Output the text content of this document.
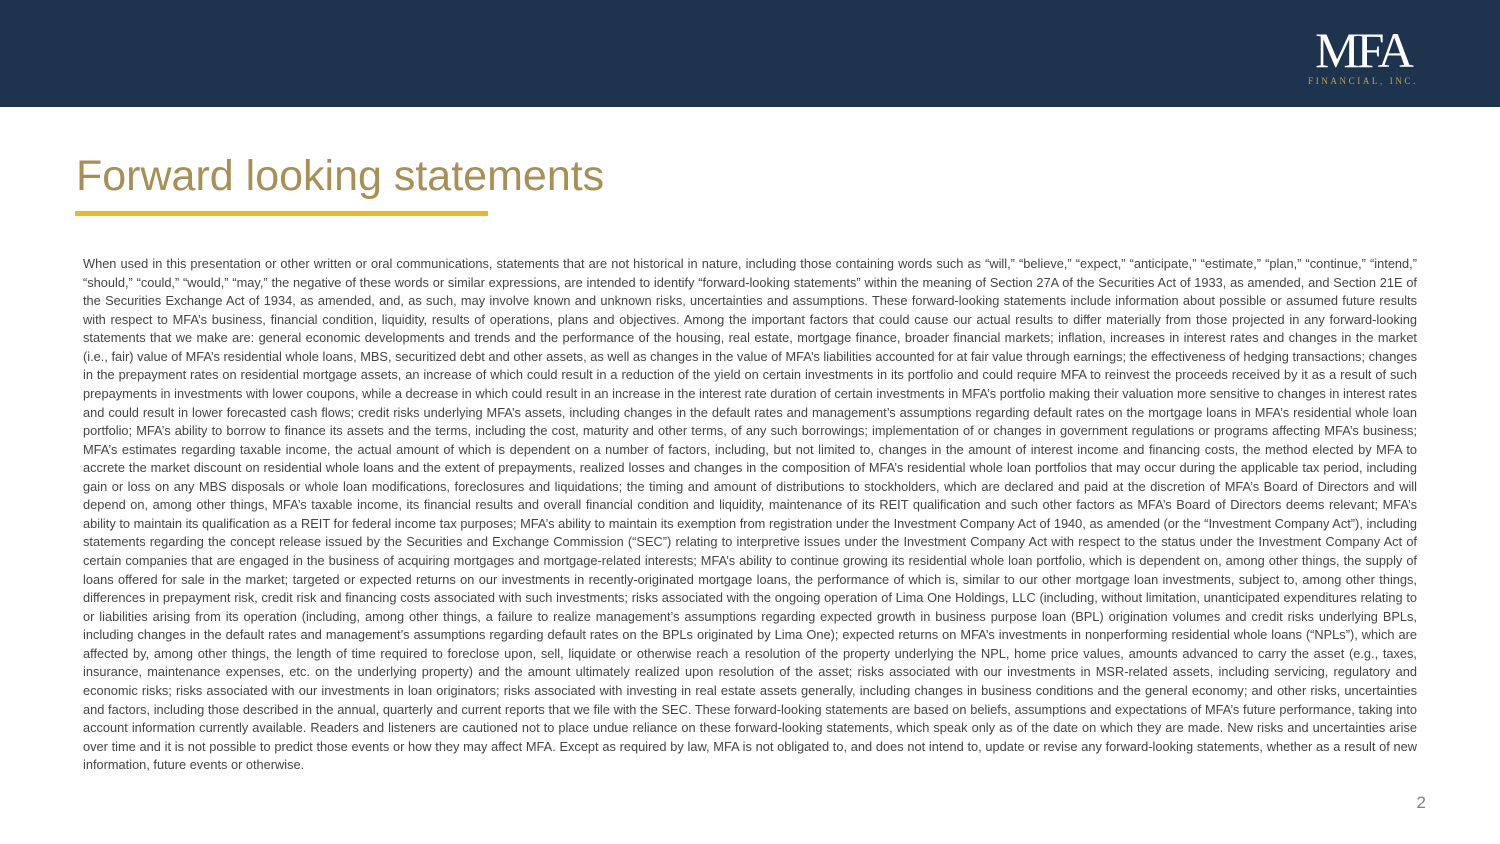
MFA
FINANCIAL, INC.
Forward looking statements

When used in this presentation or other written or oral communications, statements that are not historical in nature, including those containing words such as “will,” “believe,” “expect,” “anticipate,” “estimate,” “plan,” “continue,” “intend,” “should,” “could,” “would,” “may,” the negative of these words or similar expressions, are intended to identify “forward-looking statements” within the meaning of Section 27A of the Securities Act of 1933, as amended, and Section 21E of the Securities Exchange Act of 1934, as amended, and, as such, may involve known and unknown risks, uncertainties and assumptions. These forward-looking statements include information about possible or assumed future results with respect to MFA’s business, financial condition, liquidity, results of operations, plans and objectives. Among the important factors that could cause our actual results to differ materially from those projected in any forward-looking statements that we make are: general economic developments and trends and the performance of the housing, real estate, mortgage finance, broader financial markets; inflation, increases in interest rates and changes in the market (i.e., fair) value of MFA’s residential whole loans, MBS, securitized debt and other assets, as well as changes in the value of MFA’s liabilities accounted for at fair value through earnings; the effectiveness of hedging transactions; changes in the prepayment rates on residential mortgage assets, an increase of which could result in a reduction of the yield on certain investments in its portfolio and could require MFA to reinvest the proceeds received by it as a result of such prepayments in investments with lower coupons, while a decrease in which could result in an increase in the interest rate duration of certain investments in MFA’s portfolio making their valuation more sensitive to changes in interest rates and could result in lower forecasted cash flows; credit risks underlying MFA’s assets, including changes in the default rates and management’s assumptions regarding default rates on the mortgage loans in MFA’s residential whole loan portfolio; MFA’s ability to borrow to finance its assets and the terms, including the cost, maturity and other terms, of any such borrowings; implementation of or changes in government regulations or programs affecting MFA’s business; MFA’s estimates regarding taxable income, the actual amount of which is dependent on a number of factors, including, but not limited to, changes in the amount of interest income and financing costs, the method elected by MFA to accrete the market discount on residential whole loans and the extent of prepayments, realized losses and changes in the composition of MFA’s residential whole loan portfolios that may occur during the applicable tax period, including gain or loss on any MBS disposals or whole loan modifications, foreclosures and liquidations; the timing and amount of distributions to stockholders, which are declared and paid at the discretion of MFA’s Board of Directors and will depend on, among other things, MFA’s taxable income, its financial results and overall financial condition and liquidity, maintenance of its REIT qualification and such other factors as MFA’s Board of Directors deems relevant; MFA’s ability to maintain its qualification as a REIT for federal income tax purposes; MFA’s ability to maintain its exemption from registration under the Investment Company Act of 1940, as amended (or the “Investment Company Act”), including statements regarding the concept release issued by the Securities and Exchange Commission (“SEC”) relating to interpretive issues under the Investment Company Act with respect to the status under the Investment Company Act of certain companies that are engaged in the business of acquiring mortgages and mortgage-related interests; MFA’s ability to continue growing its residential whole loan portfolio, which is dependent on, among other things, the supply of loans offered for sale in the market; targeted or expected returns on our investments in recently-originated mortgage loans, the performance of which is, similar to our other mortgage loan investments, subject to, among other things, differences in prepayment risk, credit risk and financing costs associated with such investments; risks associated with the ongoing operation of Lima One Holdings, LLC (including, without limitation, unanticipated expenditures relating to or liabilities arising from its operation (including, among other things, a failure to realize management’s assumptions regarding expected growth in business purpose loan (BPL) origination volumes and credit risks underlying BPLs, including changes in the default rates and management’s assumptions regarding default rates on the BPLs originated by Lima One); expected returns on MFA’s investments in nonperforming residential whole loans (“NPLs”), which are affected by, among other things, the length of time required to foreclose upon, sell, liquidate or otherwise reach a resolution of the property underlying the NPL, home price values, amounts advanced to carry the asset (e.g., taxes, insurance, maintenance expenses, etc. on the underlying property) and the amount ultimately realized upon resolution of the asset; risks associated with our investments in MSR-related assets, including servicing, regulatory and economic risks; risks associated with our investments in loan originators; risks associated with investing in real estate assets generally, including changes in business conditions and the general economy; and other risks, uncertainties and factors, including those described in the annual, quarterly and current reports that we file with the SEC. These forward-looking statements are based on beliefs, assumptions and expectations of MFA’s future performance, taking into account information currently available. Readers and listeners are cautioned not to place undue reliance on these forward-looking statements, which speak only as of the date on which they are made. New risks and uncertainties arise over time and it is not possible to predict those events or how they may affect MFA. Except as required by law, MFA is not obligated to, and does not intend to, update or revise any forward-looking statements, whether as a result of new information, future events or otherwise.

2
